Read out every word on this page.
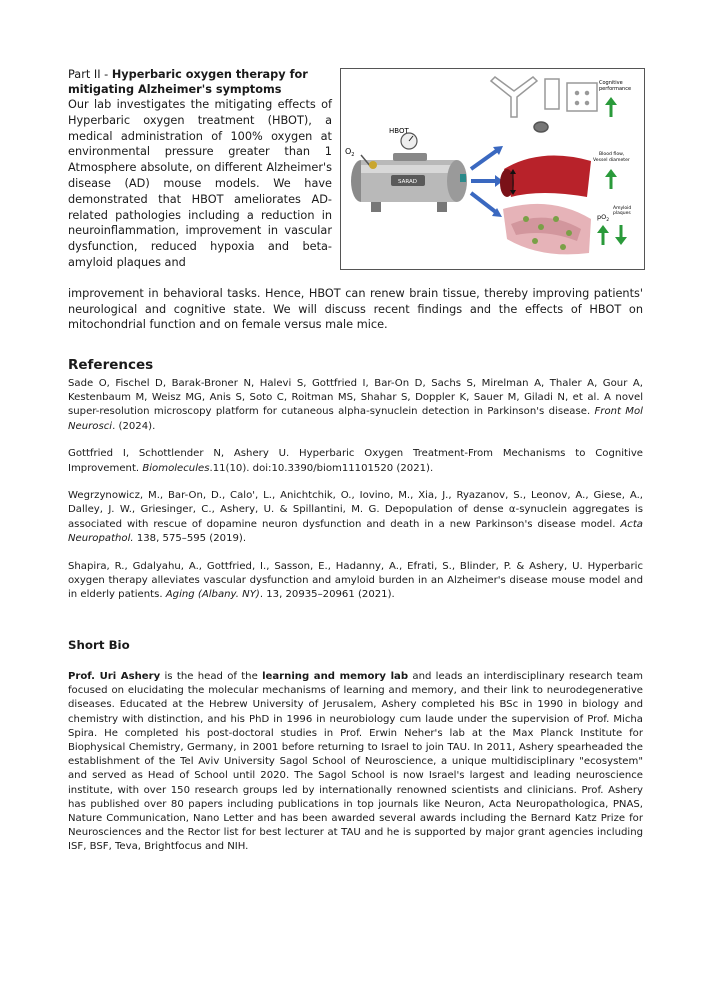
Part II - Hyperbaric oxygen therapy for mitigating Alzheimer's symptoms

Our lab investigates the mitigating effects of Hyperbaric oxygen treatment (HBOT), a medical administration of 100% oxygen at environmental pressure greater than 1 Atmosphere absolute, on different Alzheimer's disease (AD) mouse models. We have demonstrated that HBOT ameliorates AD-related pathologies including a reduction in neuroinflammation, improvement in vascular dysfunction, reduced hypoxia and beta-amyloid plaques and

SARAD
HBOT
$O_2$
Cognitive performance
Blood flow, Vessel diameter
$pO_2$
Amyloid plaques

improvement in behavioral tasks. Hence, HBOT can renew brain tissue, thereby improving patients' neurological and cognitive state. We will discuss recent findings and the effects of HBOT on mitochondrial function and on female versus male mice.

References

Sade O, Fischel D, Barak-Broner N, Halevi S, Gottfried I, Bar-On D, Sachs S, Mirelman A, Thaler A, Gour A, Kestenbaum M, Weisz MG, Anis S, Soto C, Roitman MS, Shahar S, Doppler K, Sauer M, Giladi N, et al. A novel super-resolution microscopy platform for cutaneous alpha-synuclein detection in Parkinson's disease. Front Mol Neurosci. (2024).

Gottfried I, Schottlender N, Ashery U. Hyperbaric Oxygen Treatment-From Mechanisms to Cognitive Improvement. Biomolecules.11(10). doi:10.3390/biom11101520 (2021).

Wegrzynowicz, M., Bar-On, D., Calo', L., Anichtchik, O., Iovino, M., Xia, J., Ryazanov, S., Leonov, A., Giese, A., Dalley, J. W., Griesinger, C., Ashery, U. & Spillantini, M. G. Depopulation of dense α-synuclein aggregates is associated with rescue of dopamine neuron dysfunction and death in a new Parkinson's disease model. Acta Neuropathol. 138, 575–595 (2019).

Shapira, R., Gdalyahu, A., Gottfried, I., Sasson, E., Hadanny, A., Efrati, S., Blinder, P. & Ashery, U. Hyperbaric oxygen therapy alleviates vascular dysfunction and amyloid burden in an Alzheimer's disease mouse model and in elderly patients. Aging (Albany. NY). 13, 20935–20961 (2021).

Short Bio

Prof. Uri Ashery is the head of the learning and memory lab and leads an interdisciplinary research team focused on elucidating the molecular mechanisms of learning and memory, and their link to neurodegenerative diseases. Educated at the Hebrew University of Jerusalem, Ashery completed his BSc in 1990 in biology and chemistry with distinction, and his PhD in 1996 in neurobiology cum laude under the supervision of Prof. Micha Spira. He completed his post-doctoral studies in Prof. Erwin Neher's lab at the Max Planck Institute for Biophysical Chemistry, Germany, in 2001 before returning to Israel to join TAU. In 2011, Ashery spearheaded the establishment of the Tel Aviv University Sagol School of Neuroscience, a unique multidisciplinary "ecosystem" and served as Head of School until 2020. The Sagol School is now Israel's largest and leading neuroscience institute, with over 150 research groups led by internationally renowned scientists and clinicians. Prof. Ashery has published over 80 papers including publications in top journals like Neuron, Acta Neuropathologica, PNAS, Nature Communication, Nano Letter and has been awarded several awards including the Bernard Katz Prize for Neurosciences and the Rector list for best lecturer at TAU and he is supported by major grant agencies including ISF, BSF, Teva, Brightfocus and NIH.
